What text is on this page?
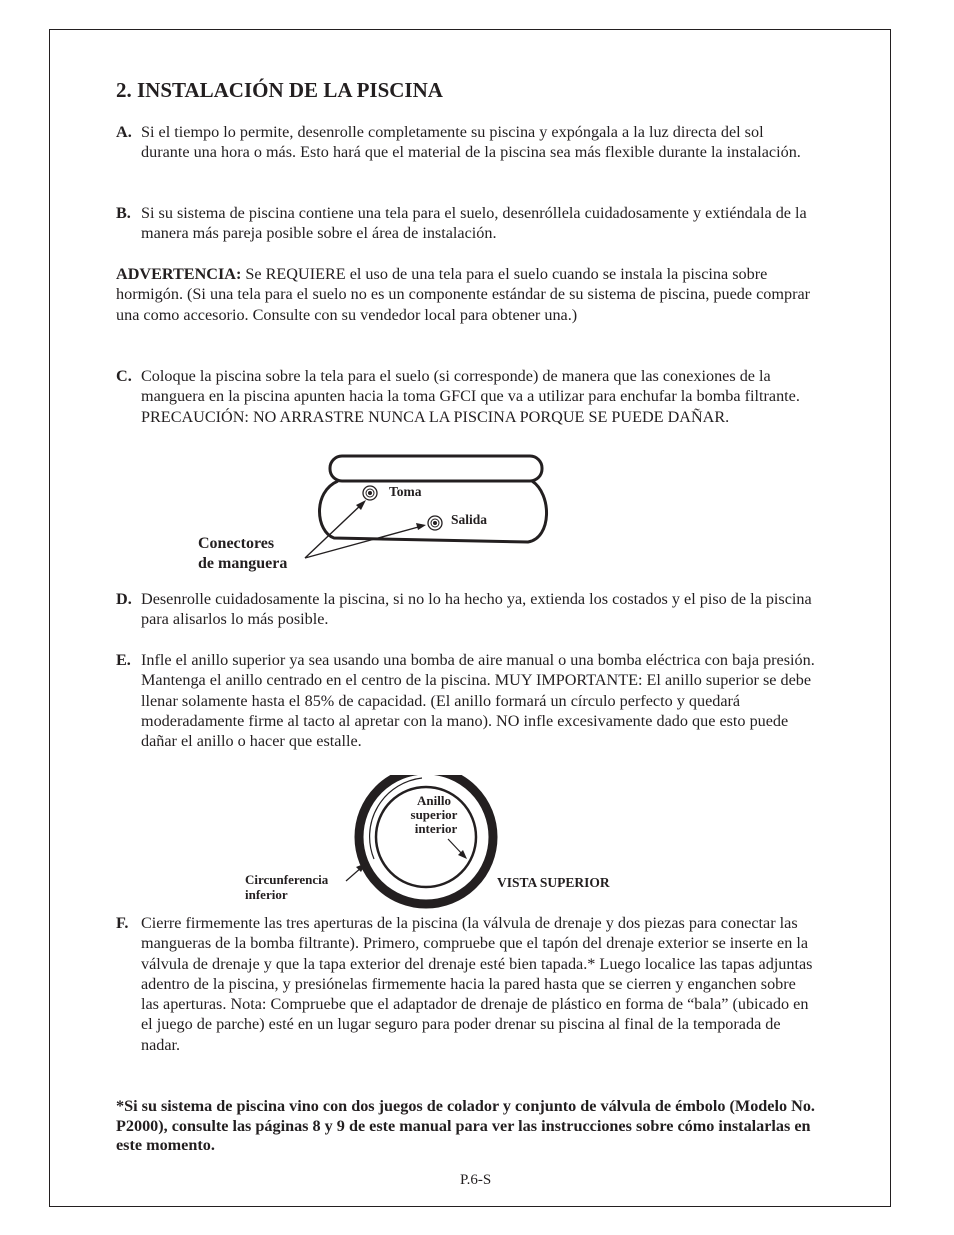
2. INSTALACIÓN DE LA PISCINA
A. Si el tiempo lo permite, desenrolle completamente su piscina y expóngala a la luz directa del sol durante una hora o más. Esto hará que el material de la piscina sea más flexible durante la instalación.
B. Si su sistema de piscina contiene una tela para el suelo, desenróllela cuidadosamente y extiéndala de la manera más pareja posible sobre el área de instalación.
ADVERTENCIA: Se REQUIERE el uso de una tela para el suelo cuando se instala la piscina sobre hormigón. (Si una tela para el suelo no es un componente estándar de su sistema de piscina, puede comprar una como accesorio. Consulte con su vendedor local para obtener una.)
C. Coloque la piscina sobre la tela para el suelo (si corresponde) de manera que las conexiones de la manguera en la piscina apunten hacia la toma GFCI que va a utilizar para enchufar la bomba filtrante. PRECAUCIÓN: NO ARRASTRE NUNCA LA PISCINA PORQUE SE PUEDE DAÑAR.
Toma
Salida
Conectores
de manguera
D. Desenrolle cuidadosamente la piscina, si no lo ha hecho ya, extienda los costados y el piso de la piscina para alisarlos lo más posible.
E. Infle el anillo superior ya sea usando una bomba de aire manual o una bomba eléctrica con baja presión. Mantenga el anillo centrado en el centro de la piscina. MUY IMPORTANTE: El anillo superior se debe llenar solamente hasta el 85% de capacidad. (El anillo formará un círculo perfecto y quedará moderadamente firme al tacto al apretar con la mano). NO infle excesivamente dado que esto puede dañar el anillo o hacer que estalle.
Anillo
superior
interior
Circunferencia
inferior
VISTA SUPERIOR
F. Cierre firmemente las tres aperturas de la piscina (la válvula de drenaje y dos piezas para conectar las mangueras de la bomba filtrante). Primero, compruebe que el tapón del drenaje exterior se inserte en la válvula de drenaje y que la tapa exterior del drenaje esté bien tapada.* Luego localice las tapas adjuntas adentro de la piscina, y presiónelas firmemente hacia la pared hasta que se cierren y enganchen sobre las aperturas. Nota: Compruebe que el adaptador de drenaje de plástico en forma de “bala” (ubicado en el juego de parche) esté en un lugar seguro para poder drenar su piscina al final de la temporada de nadar.
*Si su sistema de piscina vino con dos juegos de colador y conjunto de válvula de émbolo (Modelo No. P2000), consulte las páginas 8 y 9 de este manual para ver las instrucciones sobre cómo instalarlas en este momento.
P.6-S
